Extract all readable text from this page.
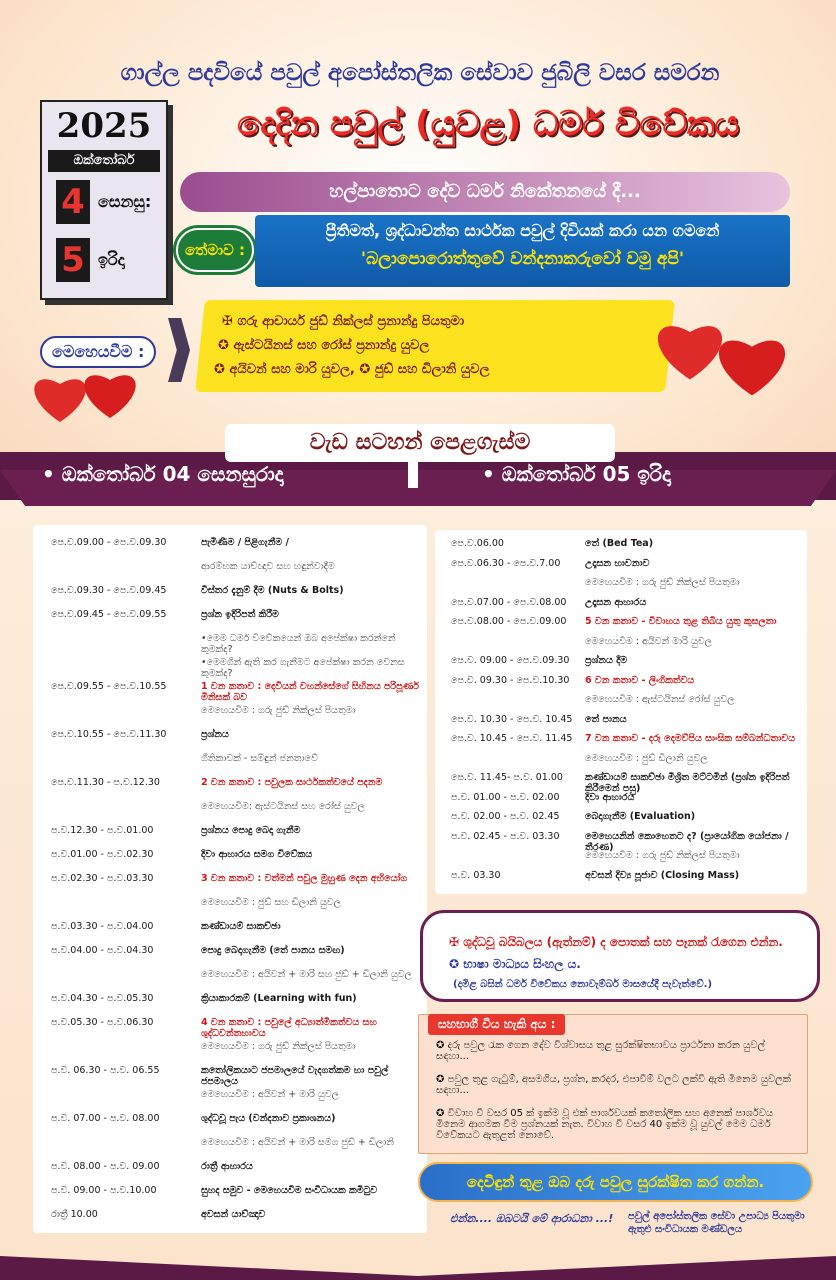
ගාල්ල පදවියේ පවුල් අපෝස්තලික සේවාව ජුබිලි වසර සමරන
2025
ඔක්තෝබර්
4 සෙනසු:
5 ඉරිදා
දෙදින පවුල් (යුවළ) ධර්ම විවේකය
හල්පාතොට දේව ධර්ම නිකේතනයේ දී...
තේමාව :
ප්‍රීතිමත්, ශ්‍රද්ධාවන්ත සාර්ථක පවුල් දිවියක් කරා යන ගමනේ
'බලාපොරොත්තුවේ වන්දනාකරුවෝ වමු අපි'
මෙහෙයවීම :
✠ ගරු ආචාර්ය ජුඩ් නික්ලස් ප්‍රනාන්දු පියතුමා
✪ ඇස්ටයිනස් සහ රෝස් ප්‍රනාන්දු යුවල
✪ අයිවන් සහ මාරි යුවල, ✪ ජුඩ් සහ ඩිලානි යුවල
වැඩ සටහන් පෙළගැස්ම
• ඔක්තෝබර් 04 සෙනසුරාදා	• ඔක්තෝබර් 05 ඉරිදා
පෙ.ව.09.00 - පෙ.ව.09.30	පැමිණීම / පිළිගැනීම /
ආරම්භක යාච්ඥාව සහ හඳුන්වාදීම
පෙ.ව.09.30 - පෙ.ව.09.45	විස්තර දැනුම් දීම (Nuts & Bolts)
පෙ.ව.09.45 - පෙ.ව.09.55	ප්‍රශ්න ඉදිරිපත් කිරීම
•මෙම ධර්ම විවේකයෙන් ඔබ අපේක්ෂා කරන්නේ කුමක්ද?
•මෙමගින් ඇති කර ගැනීමට අපේක්ෂා කරන වෙනස කුමක්ද?
පෙ.ව.09.55 - පෙ.ව.10.55	1 වන කතාව : දෙවියන් වහන්සේගේ සිහිනය පරිපූර්ණ මිනිසක් බව
මෙහෙයවීම : ගරු ජුඩ් නික්ලස් පියතුමා
පෙ.ව.10.55 - පෙ.ව.11.30	ප්‍රශ්නය
ගීතිකාවක් - සම්ඳුන් ජනතාවේ
පෙ.ව.11.30 - ප.ව.12.30	2 වන කතාව : පවුලක සාර්ථකත්වයේ පදනම
මෙහෙයවීම: ඇස්ටයිනස් සහ රෝස් යුවල
ප.ව.12.30 - ප.ව.01.00	ප්‍රශ්නය පොදු බෙදා ගැනීම
ප.ව.01.00 - ප.ව.02.30	දිවා ආහාරය සමග විවේකය
ප.ව.02.30 - ප.ව.03.30	3 වන කතාව : වත්මන් පවුල මුහුණ දෙන අභියෝග
මෙහෙයවීම : ජුඩ් සහ ඩිලානි යුවල
ප.ව.03.30 - ප.ව.04.00	කණ්ඩායම් සාකච්ඡා
ප.ව.04.00 - ප.ව.04.30	පොදු බෙදාගැනීම (තේ පානය සමඟ)
මෙහෙයවීම : අයිවන් + මාරි සහ ජුඩ් + ඩිලානි යුවල
ප.ව.04.30 - ප.ව.05.30	ක්‍රියාකාරකම් (Learning with fun)
ප.ව.05.30 - ප.ව.06.30	4 වන කතාව : පවුලේ අධ්‍යාත්මිකත්වය සහ ශුද්ධවන්තභාවය
මෙහෙයවීම : ගරු ජුඩ් නික්ලස් පියතුමා
ප.ව. 06.30 - ප.ව. 06.55	කතෝලිකයාට ජපමාලයේ වැදගත්කම හා පවුල් ජපමාලය
මෙහෙයවීම : අයිවන් + මාරි යුවල
ප.ව. 07.00 - ප.ව. 08.00	ශුද්ධවූ පැය (වන්දනාව ප්‍රකාශනය)
මෙහෙයවීම : අයිවන් + මාරි සමග ජුඩ් + ඩිලානි
ප.ව. 08.00 - ප.ව. 09.00	රාත්‍රී ආහාරය
ප.ව. 09.00 - ප.ව.10.00	සුහද සමුව - මෙහෙයවීම සංවිධායක කමිටුව
රාත්‍රී 10.00	අවසන් යාච්ඤාව
පෙ.ව.06.00	තේ (Bed Tea)
පෙ.ව.06.30 - පෙ.ව.7.00	උදෑසන භාවනාව
මෙහෙයවීම : ගරු ජුඩ් නික්ලස් පියතුමා
පෙ.ව.07.00 - පෙ.ව.08.00	උදෑසන ආහාරය
පෙ.ව.08.00 - පෙ.ව.09.00	5 වන කතාව - විවාහය තුළ තිබිය යුතු කුසලතා
මෙහෙයවීම : අයිවන් මාරි යුවල
පෙ.ව. 09.00 - පෙ.ව.09.30	ප්‍රශ්නය දීම
පෙ.ව. 09.30 - පෙ.ව.10.30	6 වන කතාව - ලිංගිකත්වය
මෙහෙයවීම : ඇස්ටයිනස් රෝස් යුවල
පෙ.ව. 10.30 - පෙ.ව. 10.45	තේ පානය
පෙ.ව. 10.45 - පෙ.ව. 11.45	7 වන කතාව - දරු දෙමව්පිය සාංඝික සම්බන්ධතාවය
මෙහෙයවීම : ජුඩ් ඩිලානි යුවල
පෙ.ව. 11.45- ප.ව. 01.00	කණ්ඩායම් සාකච්ඡා මිශ්‍රිත මට්ටමින් (ප්‍රශ්න ඉදිරිපත් කිරීමෙන් පසු)
ප.ව. 01.00 - ප.ව. 02.00	දිවා ආහාරය
ප.ව. 02.00 - ප.ව. 02.45	බෙදාගැනීම (Evaluation)
ප.ව. 02.45 - ප.ව. 03.30	මෙහෙයනින් කොහෙතට ද? (ප්‍රායෝගික යෝජනා / තීරණ)
මෙහෙයවීම : ගරු ජුඩ් නික්ලස් පියතුමා
ප.ව. 03.30	අවසන් දිව්‍ය පූජාව (Closing Mass)
✠ ශුද්ධවූ බයිබලය (ඇත්නම්) ද පොතක් සහ පෑනක් රැගෙන එන්න.
✪ භාෂා මාධ්‍යය සිංහල ය.
(දමිළ බසින් ධර්ම විවේකය නොවැම්බර් මාසයේදී පැවැත්වේ.)
සහභාගී විය හැකි අය :
✪ දරු පවුල රැක ගෙන දේව විශ්වාසය තුළ සුරක්ෂිතභාවය ප්‍රාර්ථනා කරන යුවල් සඳහා...
✪ පවුල තුළ ගැටුම්, අසමගිය, ප්‍රශ්න, කරදර, එපාවීම් වලට ලක්වී ඇති මිනෙම යුවලක් සඳහා...
✪ විවාහ වී වසර 05 ක් ඉක්ම වූ එක් පාර්ශවයක් කතෝලික සහ අනෙක් පාර්ශවය මිනෙම ආගමක වීම ප්‍රශ්නයක් නැත. විවාහ වී වසර 40 ඉක්ම වූ යුවල් මෙම ධර්ම විවේකයට ඇතුළත් නොවේ.
දෙවිඳුන් තුළ ඔබ දරු පවුල සුරක්ෂිත කර ගන්න.
එන්න.... ඔබටයි මේ ආරාධනා ...! පවුල් අපෝස්තලික සේවා උපාධ්‍ය පියතුමා ඇතුළු සංවිධායක මණ්ඩලය
